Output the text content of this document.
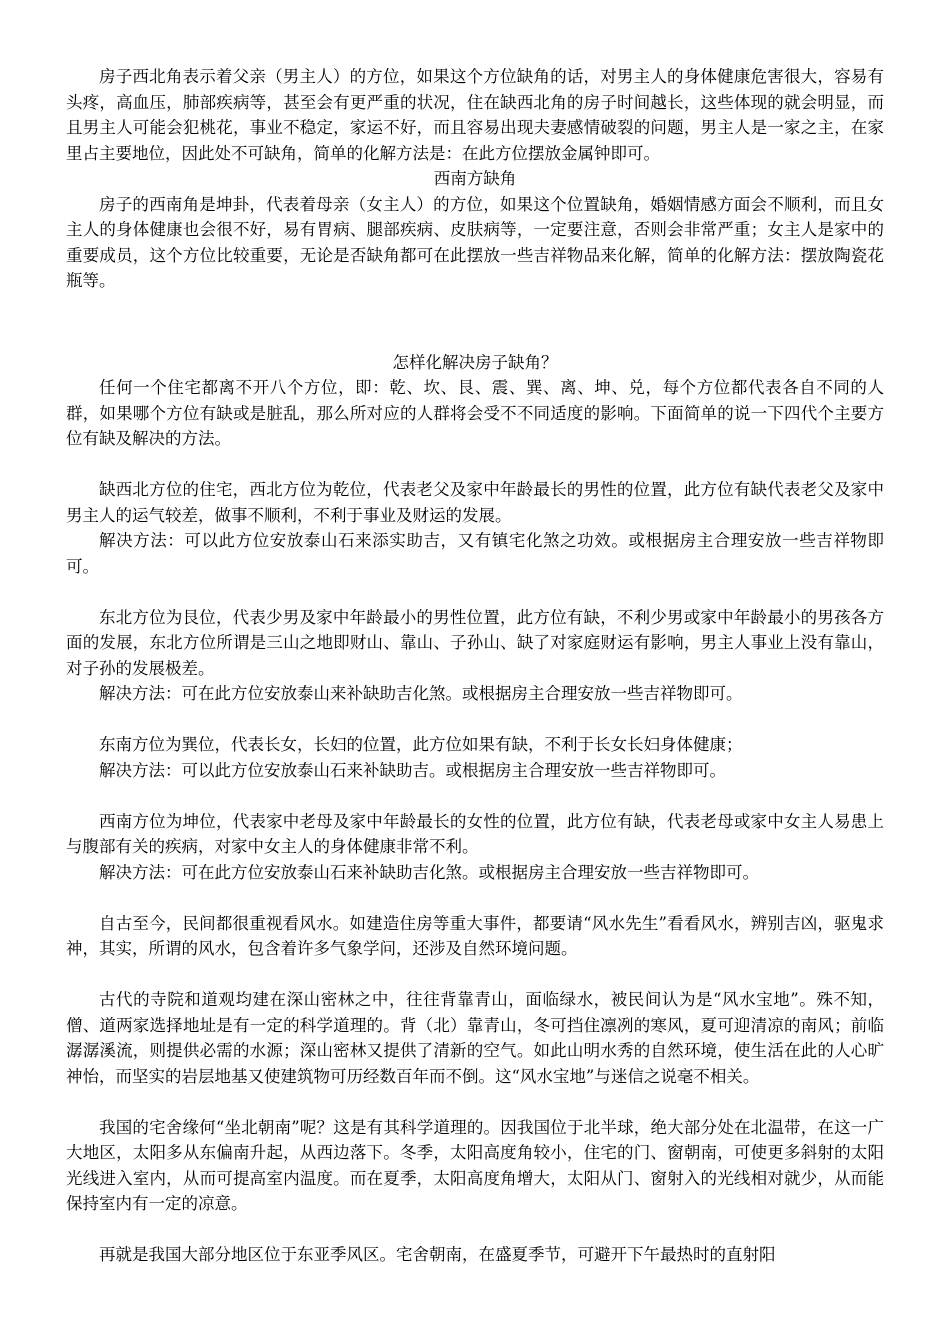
房子西北角表示着父亲（男主人）的方位，如果这个方位缺角的话，对男主人的身体健康危害很大，容易有头疼，高血压，肺部疾病等，甚至会有更严重的状况，住在缺西北角的房子时间越长，这些体现的就会明显，而且男主人可能会犯桃花，事业不稳定，家运不好，而且容易出现夫妻感情破裂的问题，男主人是一家之主，在家里占主要地位，因此处不可缺角，简单的化解方法是：在此方位摆放金属钟即可。

西南方缺角

房子的西南角是坤卦，代表着母亲（女主人）的方位，如果这个位置缺角，婚姻情感方面会不顺利，而且女主人的身体健康也会很不好，易有胃病、腿部疾病、皮肤病等，一定要注意，否则会非常严重；女主人是家中的重要成员，这个方位比较重要，无论是否缺角都可在此摆放一些吉祥物品来化解，简单的化解方法：摆放陶瓷花瓶等。

怎样化解决房子缺角？

任何一个住宅都离不开八个方位，即：乾、坎、艮、震、巽、离、坤、兑，每个方位都代表各自不同的人群，如果哪个方位有缺或是脏乱，那么所对应的人群将会受不不同适度的影响。下面简单的说一下四代个主要方位有缺及解决的方法。

缺西北方位的住宅，西北方位为乾位，代表老父及家中年龄最长的男性的位置，此方位有缺代表老父及家中男主人的运气较差，做事不顺利，不利于事业及财运的发展。

解决方法：可以此方位安放泰山石来添实助吉，又有镇宅化煞之功效。或根据房主合理安放一些吉祥物即可。

东北方位为艮位，代表少男及家中年龄最小的男性位置，此方位有缺，不利少男或家中年龄最小的男孩各方面的发展，东北方位所谓是三山之地即财山、靠山、子孙山、缺了对家庭财运有影响，男主人事业上没有靠山，对子孙的发展极差。

解决方法：可在此方位安放泰山来补缺助吉化煞。或根据房主合理安放一些吉祥物即可。

东南方位为巽位，代表长女，长妇的位置，此方位如果有缺，不利于长女长妇身体健康；

解决方法：可以此方位安放泰山石来补缺助吉。或根据房主合理安放一些吉祥物即可。

西南方位为坤位，代表家中老母及家中年龄最长的女性的位置，此方位有缺，代表老母或家中女主人易患上与腹部有关的疾病，对家中女主人的身体健康非常不利。

解决方法：可在此方位安放泰山石来补缺助吉化煞。或根据房主合理安放一些吉祥物即可。

自古至今，民间都很重视看风水。如建造住房等重大事件，都要请“风水先生”看看风水，辨别吉凶，驱鬼求神，其实，所谓的风水，包含着许多气象学问，还涉及自然环境问题。

古代的寺院和道观均建在深山密林之中，往往背靠青山，面临绿水，被民间认为是“风水宝地”。殊不知，僧、道两家选择地址是有一定的科学道理的。背（北）靠青山，冬可挡住凛冽的寒风，夏可迎清凉的南风；前临潺潺溪流，则提供必需的水源；深山密林又提供了清新的空气。如此山明水秀的自然环境，使生活在此的人心旷神怡，而坚实的岩层地基又使建筑物可历经数百年而不倒。这“风水宝地”与迷信之说毫不相关。

我国的宅舍缘何“坐北朝南”呢？这是有其科学道理的。因我国位于北半球，绝大部分处在北温带，在这一广大地区，太阳多从东偏南升起，从西边落下。冬季，太阳高度角较小，住宅的门、窗朝南，可使更多斜射的太阳光线进入室内，从而可提高室内温度。而在夏季，太阳高度角增大，太阳从门、窗射入的光线相对就少，从而能保持室内有一定的凉意。

再就是我国大部分地区位于东亚季风区。宅舍朝南，在盛夏季节，可避开下午最热时的直射阳
